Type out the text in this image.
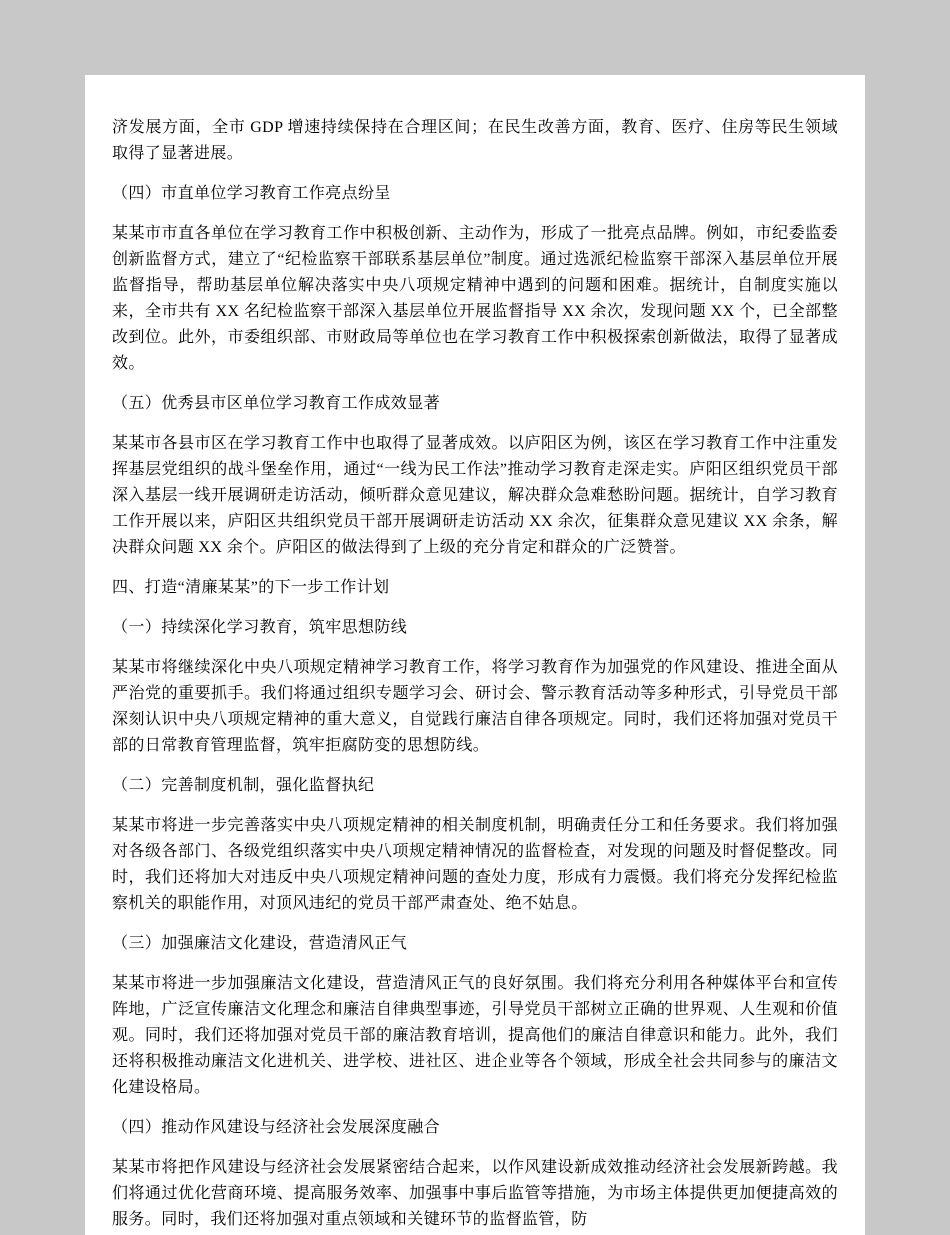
济发展方面，全市 GDP 增速持续保持在合理区间；在民生改善方面，教育、医疗、住房等民生领域取得了显著进展。

（四）市直单位学习教育工作亮点纷呈

某某市市直各单位在学习教育工作中积极创新、主动作为，形成了一批亮点品牌。例如，市纪委监委创新监督方式，建立了“纪检监察干部联系基层单位”制度。通过选派纪检监察干部深入基层单位开展监督指导，帮助基层单位解决落实中央八项规定精神中遇到的问题和困难。据统计，自制度实施以来，全市共有 XX 名纪检监察干部深入基层单位开展监督指导 XX 余次，发现问题 XX 个，已全部整改到位。此外，市委组织部、市财政局等单位也在学习教育工作中积极探索创新做法，取得了显著成效。

（五）优秀县市区单位学习教育工作成效显著

某某市各县市区在学习教育工作中也取得了显著成效。以庐阳区为例，该区在学习教育工作中注重发挥基层党组织的战斗堡垒作用，通过“一线为民工作法”推动学习教育走深走实。庐阳区组织党员干部深入基层一线开展调研走访活动，倾听群众意见建议，解决群众急难愁盼问题。据统计，自学习教育工作开展以来，庐阳区共组织党员干部开展调研走访活动 XX 余次，征集群众意见建议 XX 余条，解决群众问题 XX 余个。庐阳区的做法得到了上级的充分肯定和群众的广泛赞誉。

四、打造“清廉某某”的下一步工作计划

（一）持续深化学习教育，筑牢思想防线

某某市将继续深化中央八项规定精神学习教育工作，将学习教育作为加强党的作风建设、推进全面从严治党的重要抓手。我们将通过组织专题学习会、研讨会、警示教育活动等多种形式，引导党员干部深刻认识中央八项规定精神的重大意义，自觉践行廉洁自律各项规定。同时，我们还将加强对党员干部的日常教育管理监督，筑牢拒腐防变的思想防线。

（二）完善制度机制，强化监督执纪

某某市将进一步完善落实中央八项规定精神的相关制度机制，明确责任分工和任务要求。我们将加强对各级各部门、各级党组织落实中央八项规定精神情况的监督检查，对发现的问题及时督促整改。同时，我们还将加大对违反中央八项规定精神问题的查处力度，形成有力震慑。我们将充分发挥纪检监察机关的职能作用，对顶风违纪的党员干部严肃查处、绝不姑息。

（三）加强廉洁文化建设，营造清风正气

某某市将进一步加强廉洁文化建设，营造清风正气的良好氛围。我们将充分利用各种媒体平台和宣传阵地，广泛宣传廉洁文化理念和廉洁自律典型事迹，引导党员干部树立正确的世界观、人生观和价值观。同时，我们还将加强对党员干部的廉洁教育培训，提高他们的廉洁自律意识和能力。此外，我们还将积极推动廉洁文化进机关、进学校、进社区、进企业等各个领域，形成全社会共同参与的廉洁文化建设格局。

（四）推动作风建设与经济社会发展深度融合

某某市将把作风建设与经济社会发展紧密结合起来，以作风建设新成效推动经济社会发展新跨越。我们将通过优化营商环境、提高服务效率、加强事中事后监管等措施，为市场主体提供更加便捷高效的服务。同时，我们还将加强对重点领域和关键环节的监督监管，防
